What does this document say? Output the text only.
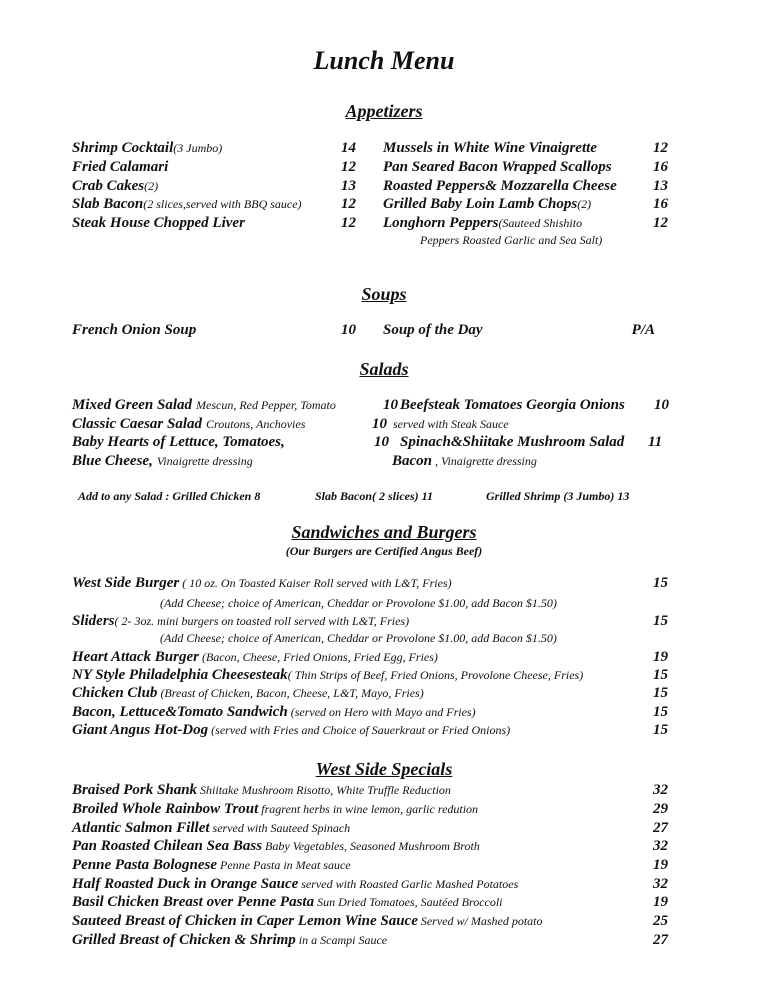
Lunch Menu
Appetizers
Shrimp Cocktail(3 Jumbo)	14 Mussels in White Wine Vinaigrette	12
Fried Calamari	12 Pan Seared Bacon Wrapped Scallops	16
Crab Cakes(2)	13 Roasted Peppers& Mozzarella Cheese 13
Slab Bacon(2 slices,served with BBQ sauce)	12 Grilled Baby Loin Lamb Chops(2)	16
Steak House Chopped Liver	12 Longhorn Peppers(Sauteed Shishito	12
Peppers Roasted Garlic and Sea Salt)
Soups
French Onion Soup	10 Soup of the Day	P/A
Salads
Mixed Green Salad Mescun, Red Pepper, Tomato	10 Beefsteak Tomatoes Georgia Onions 10
Classic Caesar Salad Croutons, Anchovies	10 served with Steak Sauce
Baby Hearts of Lettuce, Tomatoes,	10 Spinach&Shiitake Mushroom Salad 11
Blue Cheese, Vinaigrette dressing	Bacon , Vinaigrette dressing
Add to any Salad : Grilled Chicken 8	Slab Bacon( 2 slices) 11	Grilled Shrimp (3 Jumbo) 13
Sandwiches and Burgers
(Our Burgers are Certified Angus Beef)
West Side Burger ( 10 oz. On Toasted Kaiser Roll served with L&T, Fries)	15
Sliders( 2- 3oz. mini burgers on toasted roll served with L&T, Fries)	15
Heart Attack Burger (Bacon, Cheese, Fried Onions, Fried Egg, Fries)	19
NY Style Philadelphia Cheesesteak( Thin Strips of Beef, Fried Onions, Provolone Cheese, Fries)	15
Chicken Club (Breast of Chicken, Bacon, Cheese, L&T, Mayo, Fries)	15
Bacon, Lettuce&Tomato Sandwich (served on Hero with Mayo and Fries)	15
Giant Angus Hot-Dog (served with Fries and Choice of Sauerkraut or Fried Onions)	15
(Add Cheese; choice of American, Cheddar or Provolone $1.00, add Bacon $1.50)
(Add Cheese; choice of American, Cheddar or Provolone $1.00, add Bacon $1.50)
West Side Specials
Braised Pork Shank Shiitake Mushroom Risotto, White Truffle Reduction	32
Broiled Whole Rainbow Trout fragrent herbs in wine lemon, garlic redution	29
Atlantic Salmon Fillet served with Sauteed Spinach	27
Pan Roasted Chilean Sea Bass Baby Vegetables, Seasoned Mushroom Broth	32
Penne Pasta Bolognese Penne Pasta in Meat sauce	19
Half Roasted Duck in Orange Sauce served with Roasted Garlic Mashed Potatoes	32
Basil Chicken Breast over Penne Pasta Sun Dried Tomatoes, Sautéed Broccoli	19
Sauteed Breast of Chicken in Caper Lemon Wine Sauce Served w/ Mashed potato	25
Grilled Breast of Chicken & Shrimp in a Scampi Sauce	27
